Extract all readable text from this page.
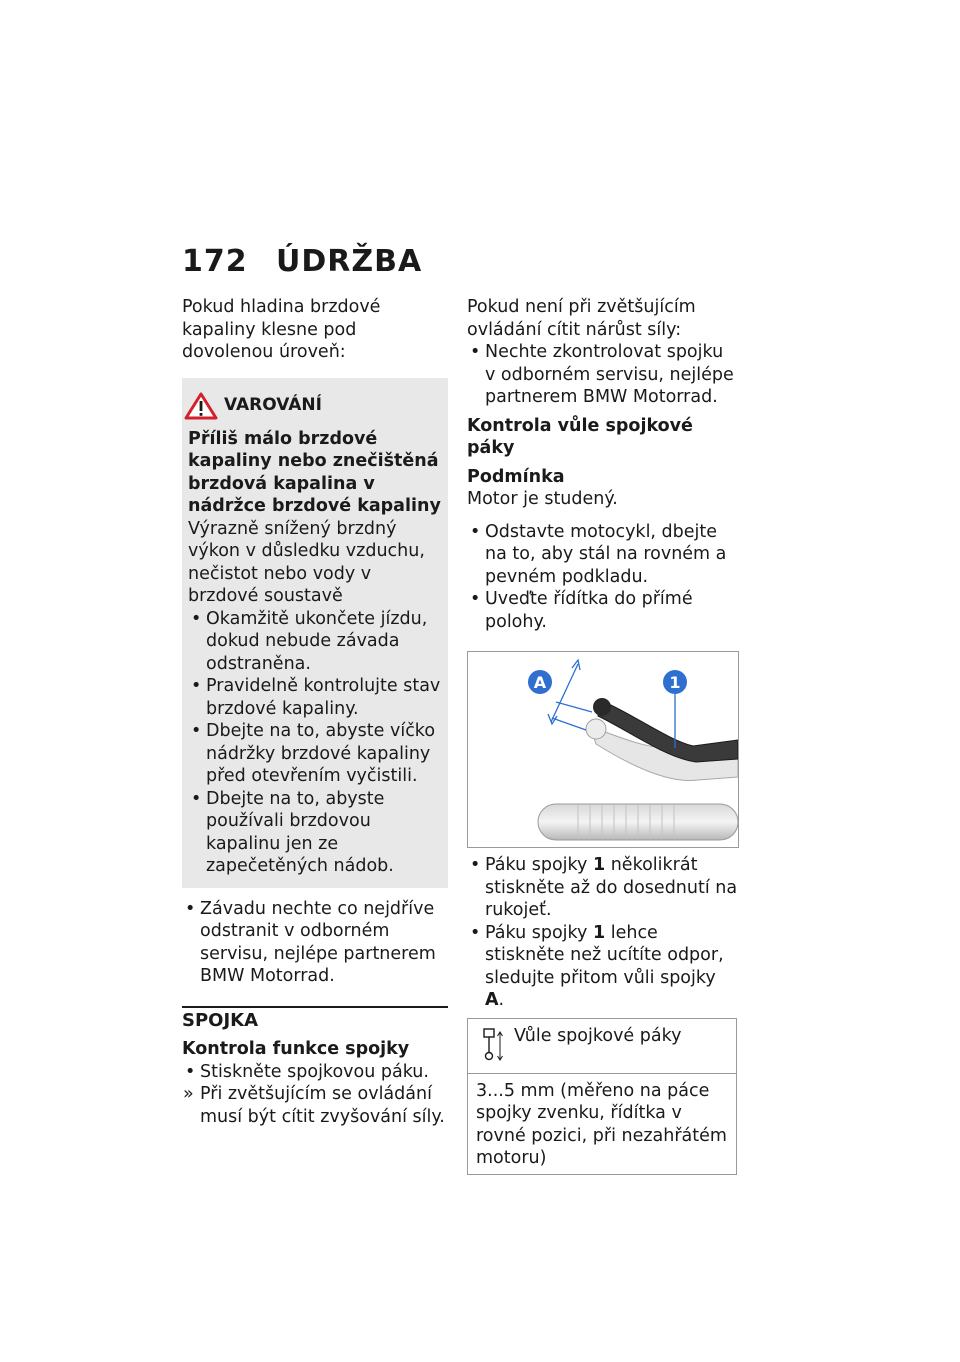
172 ÚDRŽBA

Pokud hladina brzdové kapaliny klesne pod dovolenou úroveň:

VAROVÁNÍ

Příliš málo brzdové kapaliny nebo znečištěná brzdová kapalina v nádržce brzdové kapaliny

Výrazně snížený brzdný výkon v důsledku vzduchu, nečistot nebo vody v brzdové soustavě

• Okamžitě ukončete jízdu, dokud nebude závada odstraněna.

• Pravidelně kontrolujte stav brzdové kapaliny.

• Dbejte na to, abyste víčko nádržky brzdové kapaliny před otevřením vyčistili.

• Dbejte na to, abyste používali brzdovou kapalinu jen ze zapečetěných nádob.

• Závadu nechte co nejdříve odstranit v odborném servisu, nejlépe partnerem BMW Motorrad.

SPOJKA

Kontrola funkce spojky

• Stiskněte spojkovou páku.

» Při zvětšujícím se ovládání musí být cítit zvyšování síly.

Pokud není při zvětšujícím ovládání cítit nárůst síly:

• Nechte zkontrolovat spojku v odborném servisu, nejlépe partnerem BMW Motorrad.

Kontrola vůle spojkové páky

Podmínka

Motor je studený.

• Odstavte motocykl, dbejte na to, aby stál na rovném a pevném podkladu.

• Uveďte řídítka do přímé polohy.

A	1

• Páku spojky 1 několikrát stiskněte až do dosednutí na rukojeť.

• Páku spojky 1 lehce stiskněte než ucítíte odpor, sledujte přitom vůli spojky A.

Vůle spojkové páky
3...5 mm (měřeno na páce spojky zvenku, řídítka v rovné pozici, při nezahřátém motoru)
